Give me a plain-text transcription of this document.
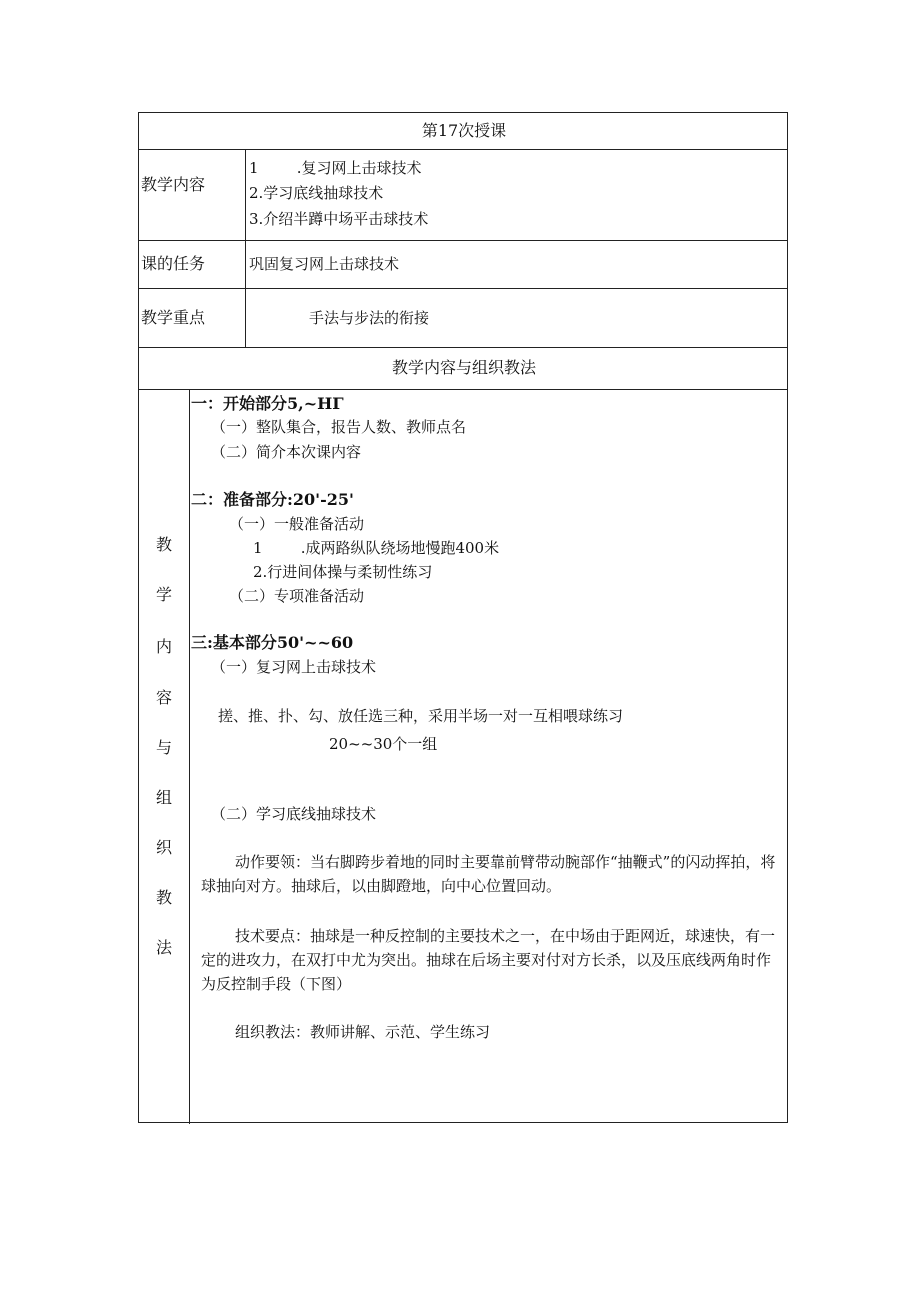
第17次授课
教学内容
1        .复习网上击球技术
2.学习底线抽球技术
3.介绍半蹲中场平击球技术
课的任务	巩固复习网上击球技术
教学重点	手法与步法的衔接
教学内容与组织教法
教
学
内
容
与
组
织
教
法
一：开始部分5,~HΓ
（一）整队集合，报告人数、教师点名
（二）简介本次课内容
二：准备部分:20'-25'
（一）一般准备活动
1        .成两路纵队绕场地慢跑400米
2.行进间体操与柔韧性练习
（二）专项准备活动
三:基本部分50'~~60
（一）复习网上击球技术
搓、推、扑、勾、放任选三种，采用半场一对一互相喂球练习
20~~30个一组
（二）学习底线抽球技术
动作要领：当右脚跨步着地的同时主要靠前臂带动腕部作“抽鞭式”的闪动挥拍，将球抽向对方。抽球后，以由脚蹬地，向中心位置回动。
技术要点：抽球是一种反控制的主要技术之一，在中场由于距网近，球速快，有一定的进攻力，在双打中尤为突出。抽球在后场主要对付对方长杀，以及压底线两角时作为反控制手段（下图）
组织教法：教师讲解、示范、学生练习
